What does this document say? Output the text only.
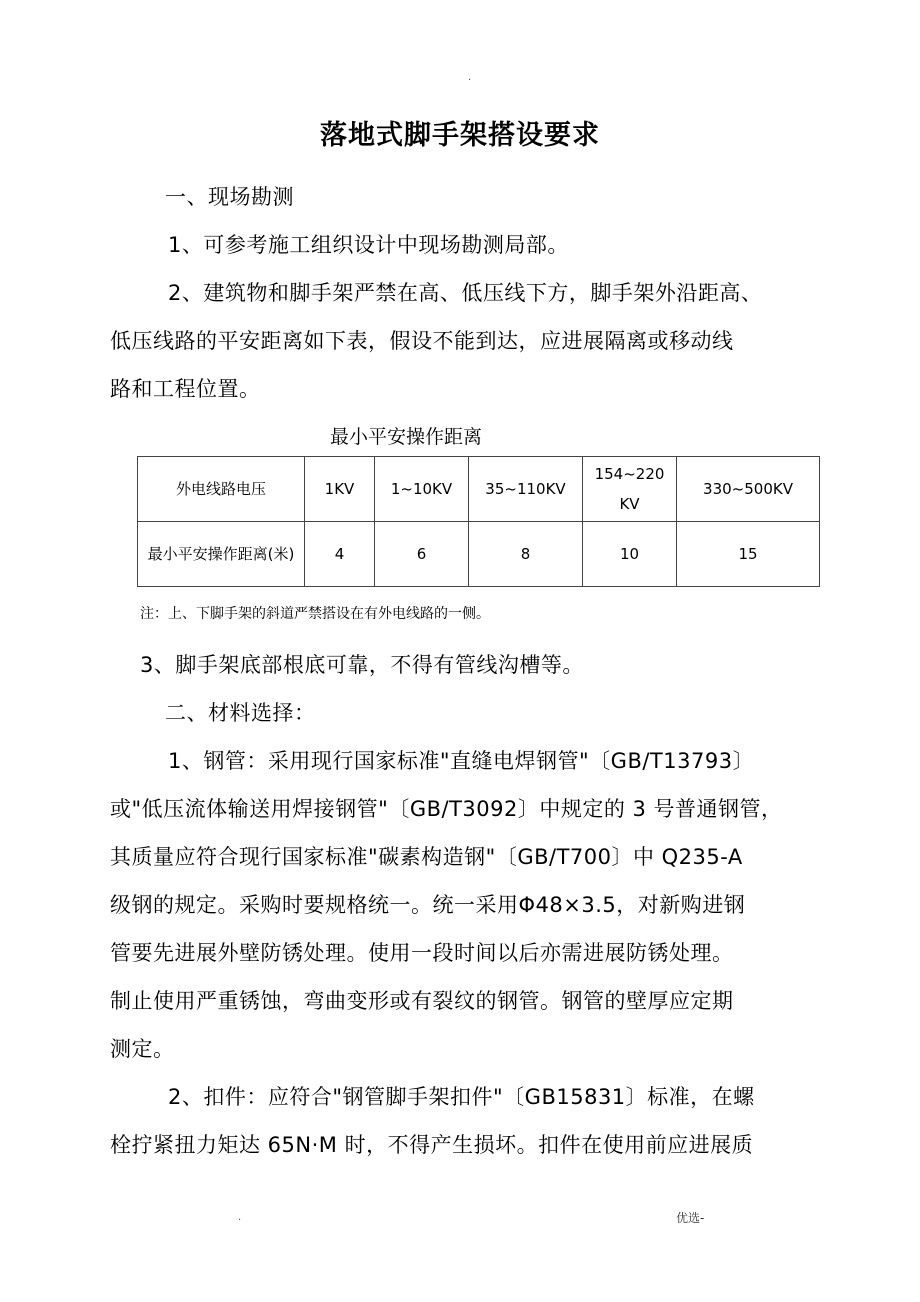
.
落地式脚手架搭设要求
一、现场勘测
1、可参考施工组织设计中现场勘测局部。
2、建筑物和脚手架严禁在高、低压线下方，脚手架外沿距高、
低压线路的平安距离如下表，假设不能到达，应进展隔离或移动线
路和工程位置。
最小平安操作距离
外电线路电压	1KV	1~10KV	35~110KV	154~220 KV	330~500KV
最小平安操作距离(米)	4	6	8	10	15
注：上、下脚手架的斜道严禁搭设在有外电线路的一侧。
3、脚手架底部根底可靠，不得有管线沟槽等。
二、材料选择：
1、钢管：采用现行国家标准"直缝电焊钢管"〔GB/T13793〕
或"低压流体输送用焊接钢管"〔GB/T3092〕中规定的 3 号普通钢管，
其质量应符合现行国家标准"碳素构造钢"〔GB/T700〕中 Q235-A
级钢的规定。采购时要规格统一。统一采用Φ48×3.5，对新购进钢
管要先进展外壁防锈处理。使用一段时间以后亦需进展防锈处理。
制止使用严重锈蚀，弯曲变形或有裂纹的钢管。钢管的壁厚应定期
测定。
2、扣件：应符合"钢管脚手架扣件"〔GB15831〕标准，在螺
栓拧紧扭力矩达 65N·M 时，不得产生损坏。扣件在使用前应进展质
.	优选-
